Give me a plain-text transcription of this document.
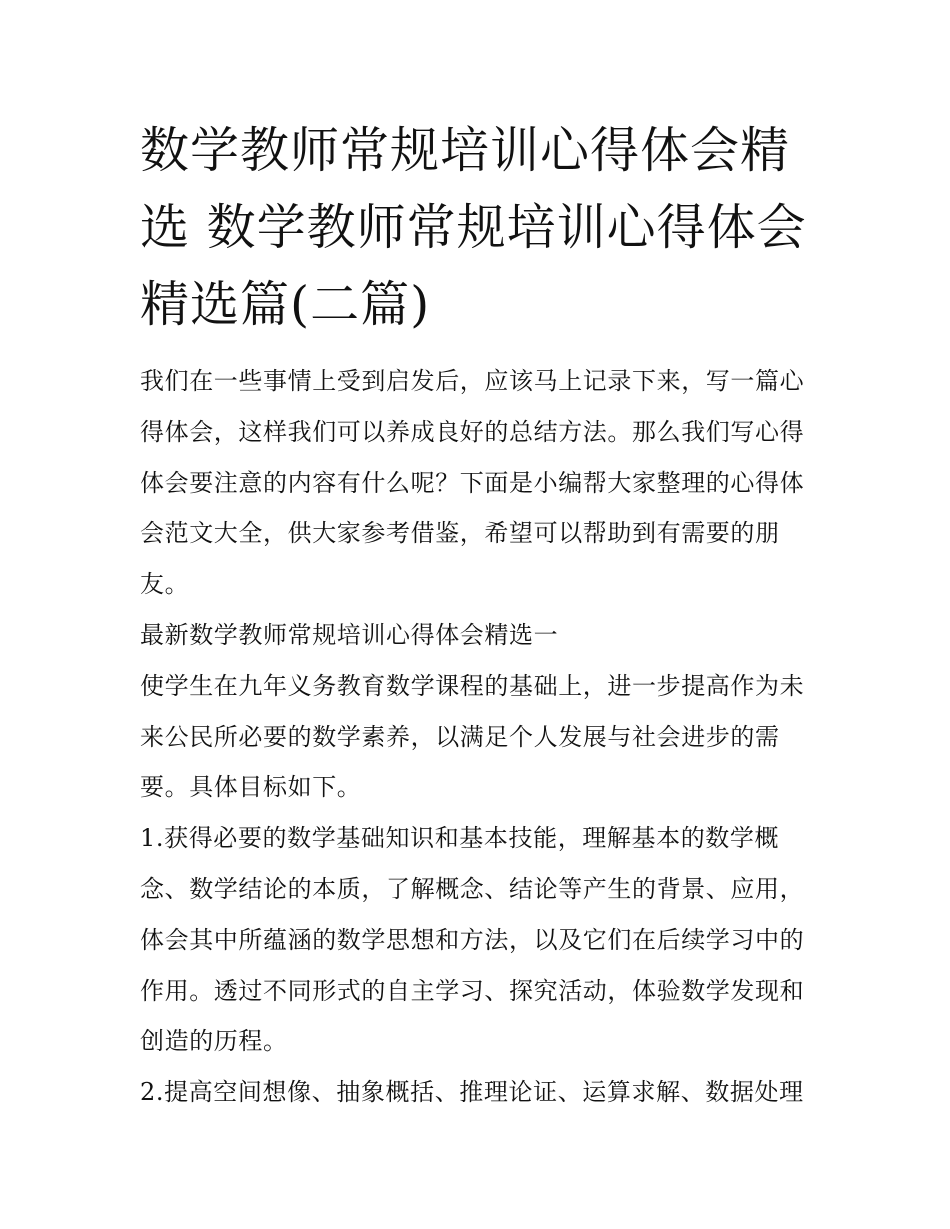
数学教师常规培训心得体会精选 数学教师常规培训心得体会精选篇(二篇)

我们在一些事情上受到启发后，应该马上记录下来，写一篇心得体会，这样我们可以养成良好的总结方法。那么我们写心得体会要注意的内容有什么呢？下面是小编帮大家整理的心得体会范文大全，供大家参考借鉴，希望可以帮助到有需要的朋友。

最新数学教师常规培训心得体会精选一

使学生在九年义务教育数学课程的基础上，进一步提高作为未来公民所必要的数学素养，以满足个人发展与社会进步的需要。具体目标如下。

1.获得必要的数学基础知识和基本技能，理解基本的数学概念、数学结论的本质，了解概念、结论等产生的背景、应用，体会其中所蕴涵的数学思想和方法，以及它们在后续学习中的作用。透过不同形式的自主学习、探究活动，体验数学发现和创造的历程。

2.提高空间想像、抽象概括、推理论证、运算求解、数据处理
